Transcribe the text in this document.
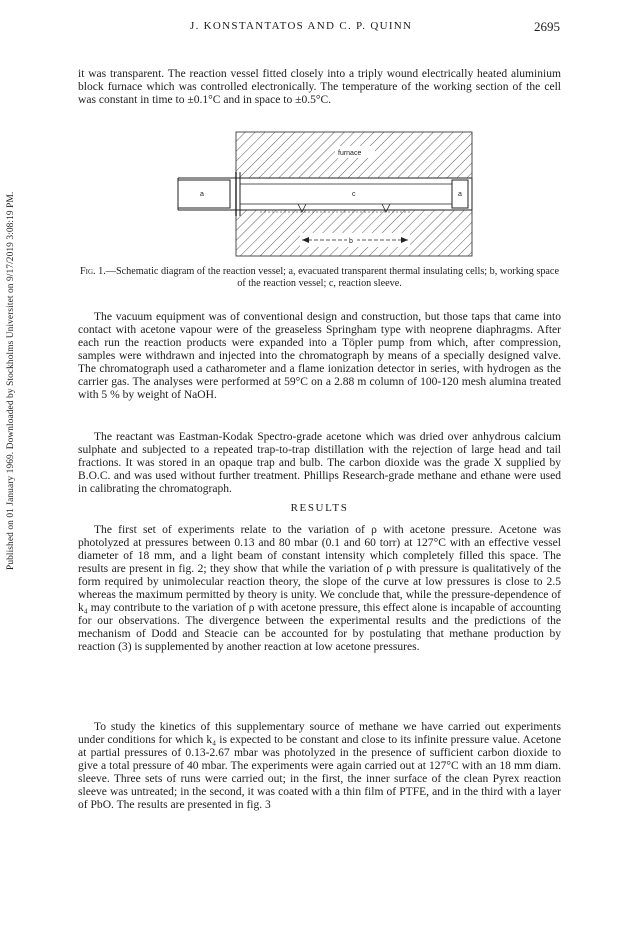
Published on 01 January 1969. Downloaded by Stockholms Universitet on 9/17/2019 3:08:19 PM.
J. KONSTANTATOS AND C. P. QUINN	2695

it was transparent. The reaction vessel fitted closely into a triply wound electrically heated aluminium block furnace which was controlled electronically. The temperature of the working section of the cell was constant in time to ±0.1°C and in space to ±0.5°C.

furnace
a	c	a
b

Fig. 1.—Schematic diagram of the reaction vessel; a, evacuated transparent thermal insulating cells; b, working space of the reaction vessel; c, reaction sleeve.

The vacuum equipment was of conventional design and construction, but those taps that came into contact with acetone vapour were of the greaseless Springham type with neoprene diaphragms. After each run the reaction products were expanded into a Töpler pump from which, after compression, samples were withdrawn and injected into the chromatograph by means of a specially designed valve. The chromatograph used a catharometer and a flame ionization detector in series, with hydrogen as the carrier gas. The analyses were performed at 59°C on a 2.88 m column of 100-120 mesh alumina treated with 5 % by weight of NaOH.

The reactant was Eastman-Kodak Spectro-grade acetone which was dried over anhydrous calcium sulphate and subjected to a repeated trap-to-trap distillation with the rejection of large head and tail fractions. It was stored in an opaque trap and bulb. The carbon dioxide was the grade X supplied by B.O.C. and was used without further treatment. Phillips Research-grade methane and ethane were used in calibrating the chromatograph.

RESULTS

The first set of experiments relate to the variation of ρ with acetone pressure. Acetone was photolyzed at pressures between 0.13 and 80 mbar (0.1 and 60 torr) at 127°C with an effective vessel diameter of 18 mm, and a light beam of constant intensity which completely filled this space. The results are present in fig. 2; they show that while the variation of ρ with pressure is qualitatively of the form required by unimolecular reaction theory, the slope of the curve at low pressures is close to 2.5 whereas the maximum permitted by theory is unity. We conclude that, while the pressure-dependence of k₄ may contribute to the variation of ρ with acetone pressure, this effect alone is incapable of accounting for our observations. The divergence between the experimental results and the predictions of the mechanism of Dodd and Steacie can be accounted for by postulating that methane production by reaction (3) is supplemented by another reaction at low acetone pressures.

To study the kinetics of this supplementary source of methane we have carried out experiments under conditions for which k₄ is expected to be constant and close to its infinite pressure value. Acetone at partial pressures of 0.13-2.67 mbar was photolyzed in the presence of sufficient carbon dioxide to give a total pressure of 40 mbar. The experiments were again carried out at 127°C with an 18 mm diam. sleeve. Three sets of runs were carried out; in the first, the inner surface of the clean Pyrex reaction sleeve was untreated; in the second, it was coated with a thin film of PTFE, and in the third with a layer of PbO. The results are presented in fig. 3
